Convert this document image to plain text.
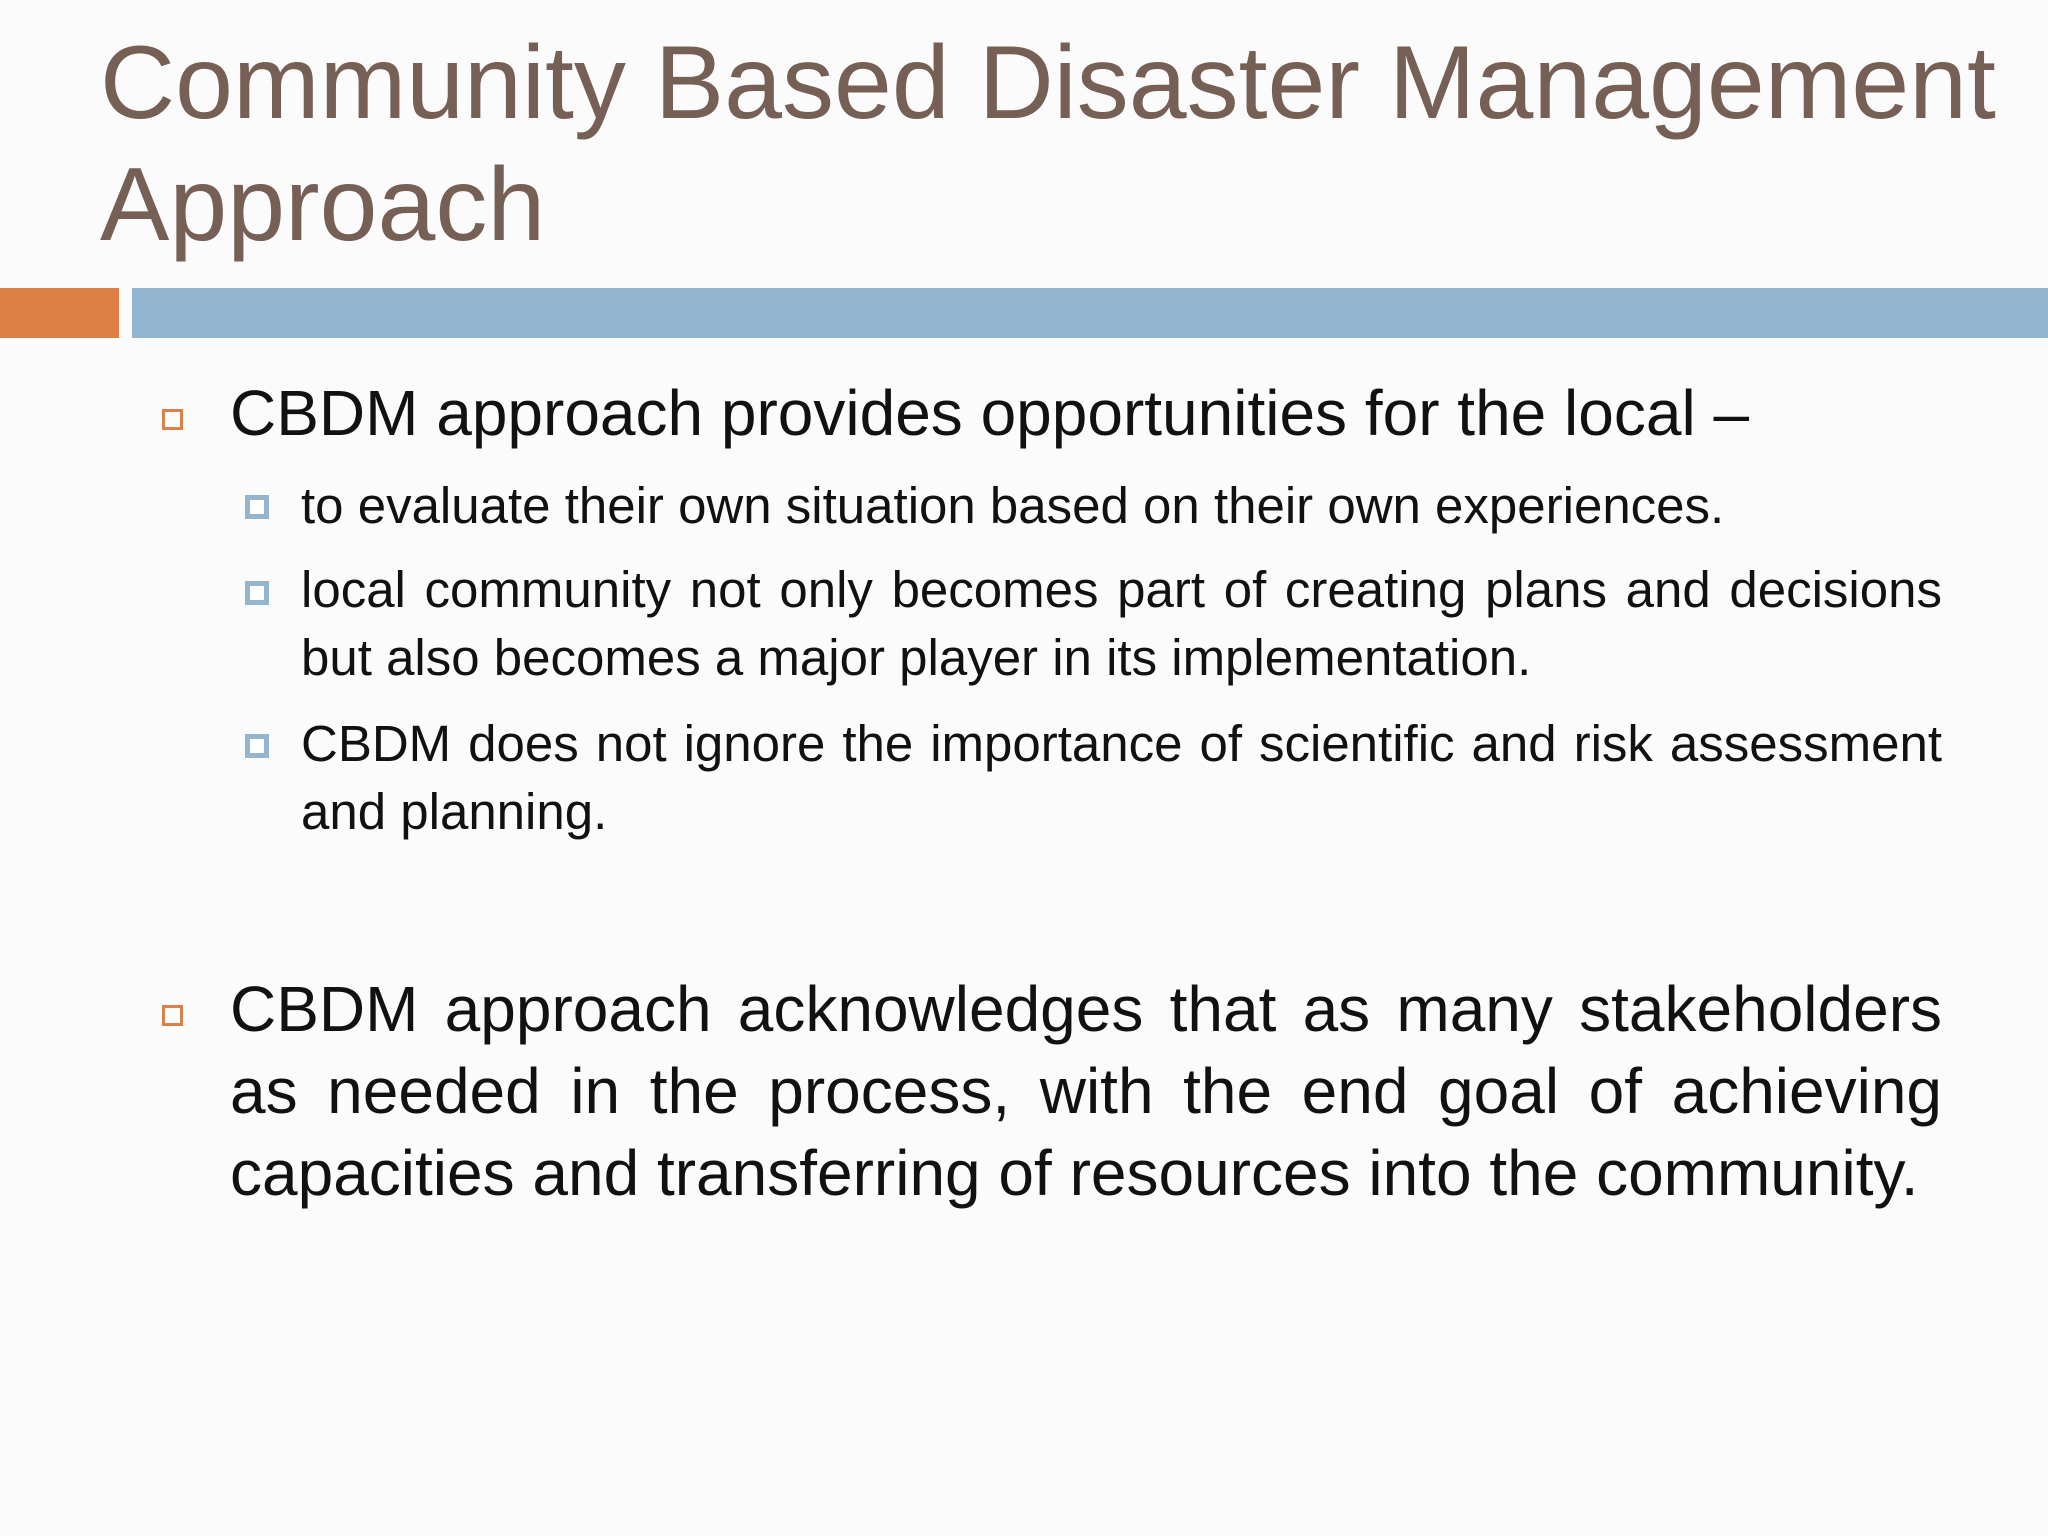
Community Based Disaster Management Approach

CBDM approach provides opportunities for the local –

to evaluate their own situation based on their own experiences.

local community not only becomes part of creating plans and decisions but also becomes a major player in its implementation.

CBDM does not ignore the importance of scientific and risk assessment and planning.

CBDM approach acknowledges that as many stakeholders as needed in the process, with the end goal of achieving capacities and transferring of resources into the community.
